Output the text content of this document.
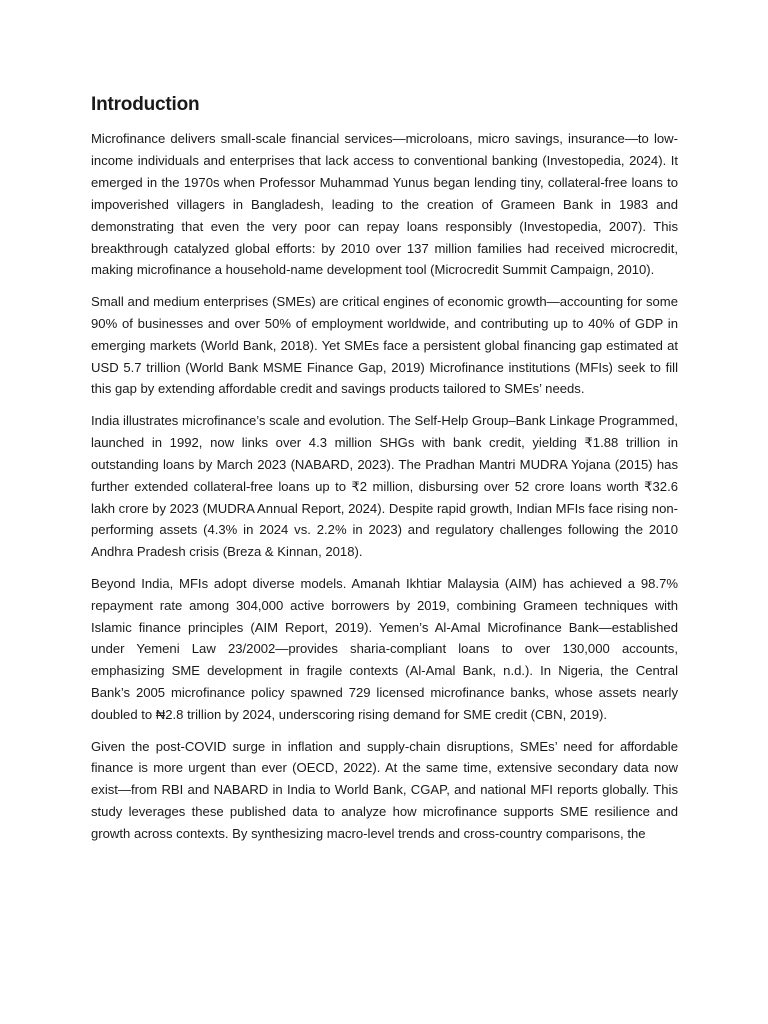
Introduction

Microfinance delivers small-scale financial services—microloans, micro savings, insurance—to low-income individuals and enterprises that lack access to conventional banking (Investopedia, 2024). It emerged in the 1970s when Professor Muhammad Yunus began lending tiny, collateral-free loans to impoverished villagers in Bangladesh, leading to the creation of Grameen Bank in 1983 and demonstrating that even the very poor can repay loans responsibly (Investopedia, 2007). This breakthrough catalyzed global efforts: by 2010 over 137 million families had received microcredit, making microfinance a household-name development tool (Microcredit Summit Campaign, 2010).

Small and medium enterprises (SMEs) are critical engines of economic growth—accounting for some 90% of businesses and over 50% of employment worldwide, and contributing up to 40% of GDP in emerging markets (World Bank, 2018). Yet SMEs face a persistent global financing gap estimated at USD 5.7 trillion (World Bank MSME Finance Gap, 2019) Microfinance institutions (MFIs) seek to fill this gap by extending affordable credit and savings products tailored to SMEs’ needs.

India illustrates microfinance’s scale and evolution. The Self-Help Group–Bank Linkage Programmed, launched in 1992, now links over 4.3 million SHGs with bank credit, yielding ₹1.88 trillion in outstanding loans by March 2023 (NABARD, 2023). The Pradhan Mantri MUDRA Yojana (2015) has further extended collateral-free loans up to ₹2 million, disbursing over 52 crore loans worth ₹32.6 lakh crore by 2023 (MUDRA Annual Report, 2024). Despite rapid growth, Indian MFIs face rising non-performing assets (4.3% in 2024 vs. 2.2% in 2023) and regulatory challenges following the 2010 Andhra Pradesh crisis (Breza & Kinnan, 2018).

Beyond India, MFIs adopt diverse models. Amanah Ikhtiar Malaysia (AIM) has achieved a 98.7% repayment rate among 304,000 active borrowers by 2019, combining Grameen techniques with Islamic finance principles (AIM Report, 2019). Yemen’s Al-Amal Microfinance Bank—established under Yemeni Law 23/2002—provides sharia-compliant loans to over 130,000 accounts, emphasizing SME development in fragile contexts (Al-Amal Bank, n.d.). In Nigeria, the Central Bank’s 2005 microfinance policy spawned 729 licensed microfinance banks, whose assets nearly doubled to ₦2.8 trillion by 2024, underscoring rising demand for SME credit (CBN, 2019).

Given the post-COVID surge in inflation and supply-chain disruptions, SMEs’ need for affordable finance is more urgent than ever (OECD, 2022). At the same time, extensive secondary data now exist—from RBI and NABARD in India to World Bank, CGAP, and national MFI reports globally. This study leverages these published data to analyze how microfinance supports SME resilience and growth across contexts. By synthesizing macro-level trends and cross-country comparisons, the
